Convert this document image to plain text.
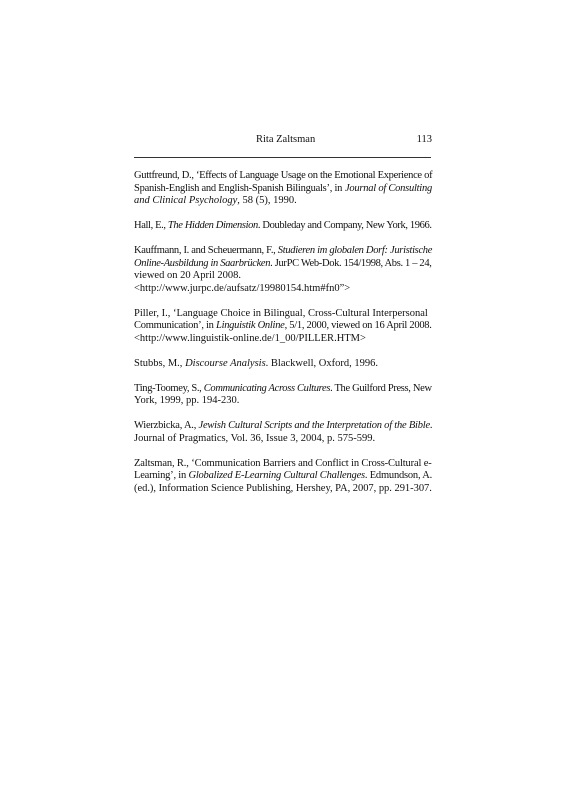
Rita Zaltsman	113
Guttfreund, D., ‘Effects of Language Usage on the Emotional Experience of
Spanish-English and English-Spanish Bilinguals’, in Journal of Consulting
and Clinical Psychology, 58 (5), 1990.
Hall, E., The Hidden Dimension. Doubleday and Company, New York, 1966.
Kauffmann, I. and Scheuermann, F., Studieren im globalen Dorf: Juristische
Online-Ausbildung in Saarbrücken. JurPC Web-Dok. 154/1998, Abs. 1 – 24,
viewed on 20 April 2008.
<http://www.jurpc.de/aufsatz/19980154.htm#fn0”>
Piller, I., ‘Language Choice in Bilingual, Cross-Cultural Interpersonal
Communication’, in Linguistik Online, 5/1, 2000, viewed on 16 April 2008.
<http://www.linguistik-online.de/1_00/PILLER.HTM>
Stubbs, M., Discourse Analysis. Blackwell, Oxford, 1996.
Ting-Toomey, S., Communicating Across Cultures. The Guilford Press, New
York, 1999, pp. 194-230.
Wierzbicka, A., Jewish Cultural Scripts and the Interpretation of the Bible.
Journal of Pragmatics, Vol. 36, Issue 3, 2004, p. 575-599.
Zaltsman, R., ‘Communication Barriers and Conflict in Cross-Cultural e-
Learning’, in Globalized E-Learning Cultural Challenges. Edmundson, A.
(ed.), Information Science Publishing, Hershey, PA, 2007, pp. 291-307.
